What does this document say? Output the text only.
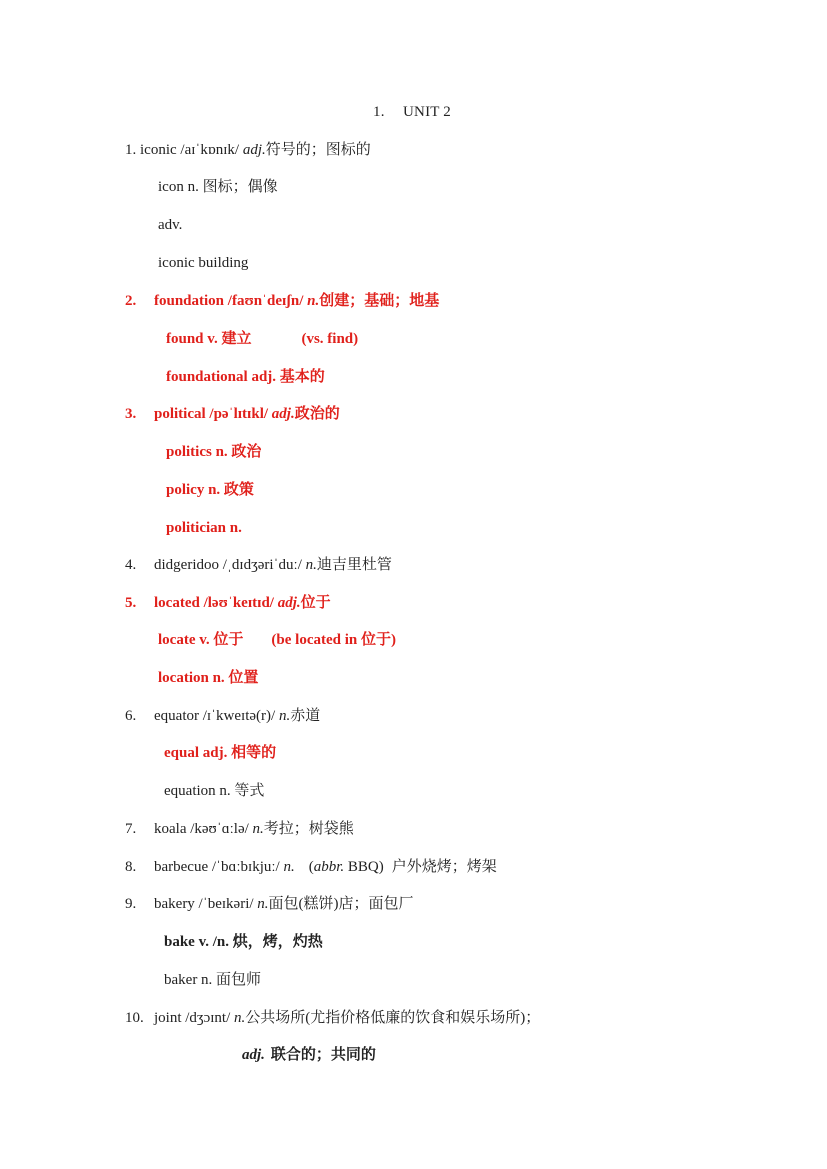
1. UNIT 2
1. iconic /aɪˈkɒnɪk/ adj.符号的；图标的
icon n. 图标；偶像
adv.
iconic building
2. foundation /faʊnˈdeɪʃn/ n.创建；基础；地基
found v. 建立	(vs. find)
foundational adj. 基本的
3. political /pəˈlɪtɪkl/ adj.政治的
politics n. 政治
policy n. 政策
politician n.
4. didgeridoo /ˌdɪdʒəriˈduː/ n.迪吉里杜管
5. located /ləʊˈkeɪtɪd/ adj.位于
locate v. 位于 (be located in 位于)
location n. 位置
6. equator /ɪˈkweɪtə(r)/ n.赤道
equal adj. 相等的
equation n. 等式
7. koala /kəʊˈɑːlə/ n.考拉；树袋熊
8. barbecue /ˈbɑːbɪkjuː/ n. (abbr. BBQ) 户外烧烤；烤架
9. bakery /ˈbeɪkəri/ n.面包(糕饼)店；面包厂
bake v. /n. 烘，烤，灼热
baker n. 面包师
10. joint /dʒɔɪnt/ n.公共场所(尤指价格低廉的饮食和娱乐场所)；
adj. 联合的；共同的
